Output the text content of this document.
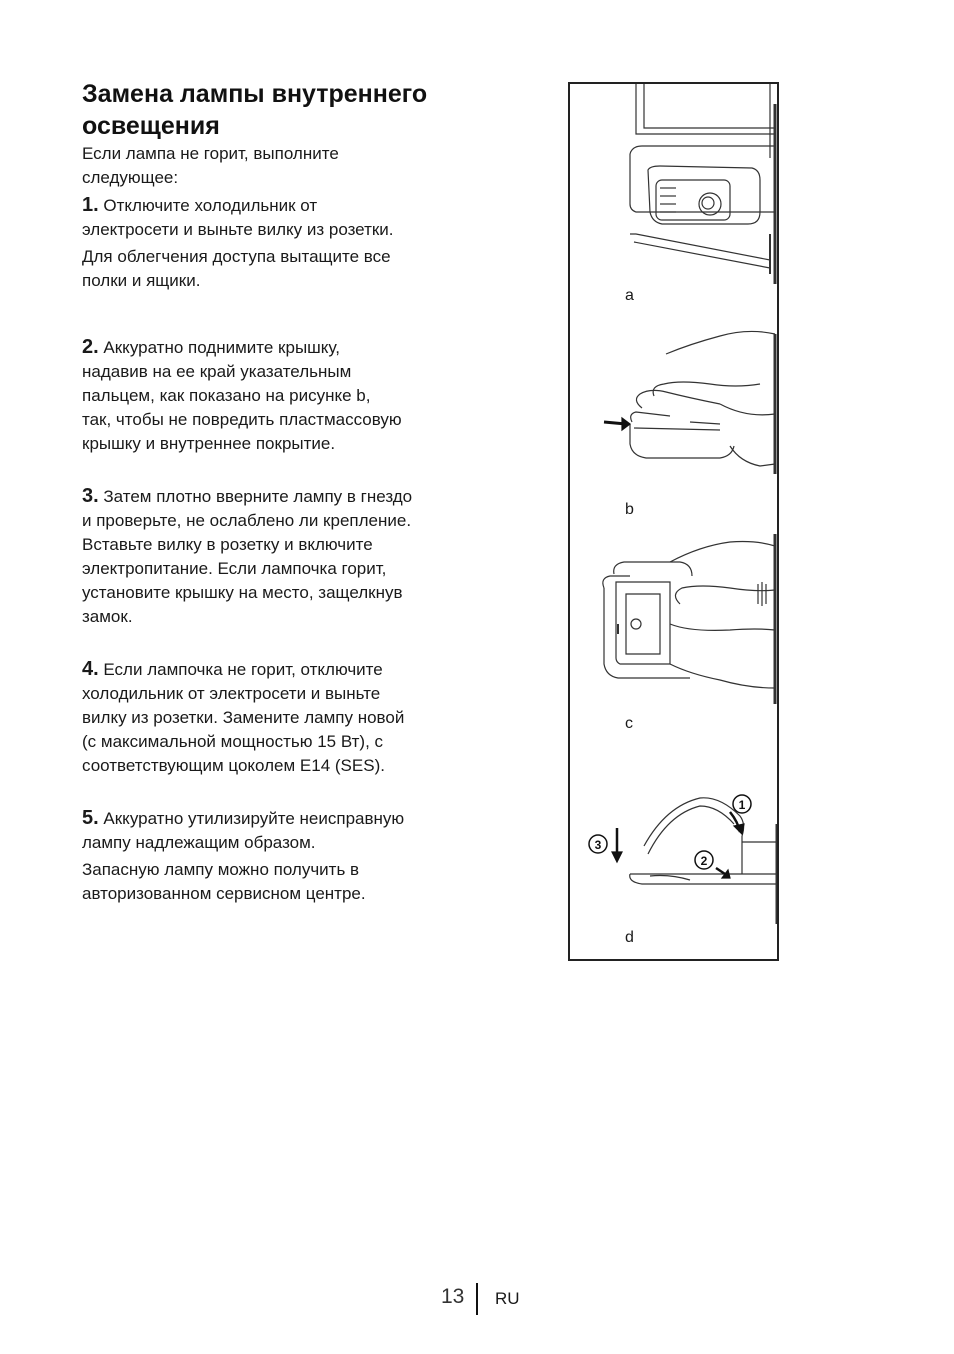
Замена лампы внутреннего
освещения

Если лампа не горит, выполните
следующее:

1. Отключите холодильник от
электросети и выньте вилку из розетки.

Для облегчения доступа вытащите все
полки и ящики.

2. Аккуратно поднимите крышку,
надавив на ее край указательным
пальцем, как показано на рисунке b,
так, чтобы не повредить пластмассовую
крышку и внутреннее покрытие.

3. Затем плотно вверните лампу в гнездо
и проверьте, не ослаблено ли крепление.
Вставьте вилку в розетку и включите
электропитание. Если лампочка горит,
установите крышку на место, защелкнув
замок.

4. Если лампочка не горит, отключите
холодильник от электросети и выньте
вилку из розетки. Замените лампу новой
(с максимальной мощностью 15 Вт), с
соответствующим цоколем E14 (SES).

5. Аккуратно утилизируйте неисправную
лампу надлежащим образом.

Запасную лампу можно получить в
авторизованном сервисном центре.

1
2
3
a
b
c
d
13 RU
